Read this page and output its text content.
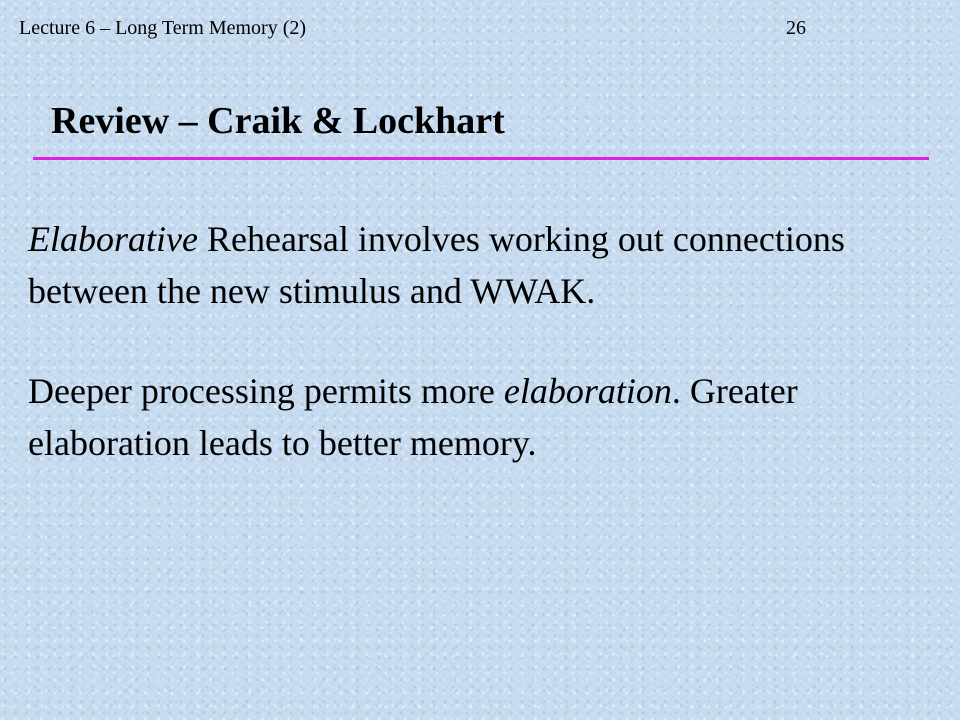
Lecture 6 – Long Term Memory (2)	26
Review – Craik & Lockhart

Elaborative Rehearsal involves working out connections between the new stimulus and WWAK.

Deeper processing permits more elaboration. Greater elaboration leads to better memory.
